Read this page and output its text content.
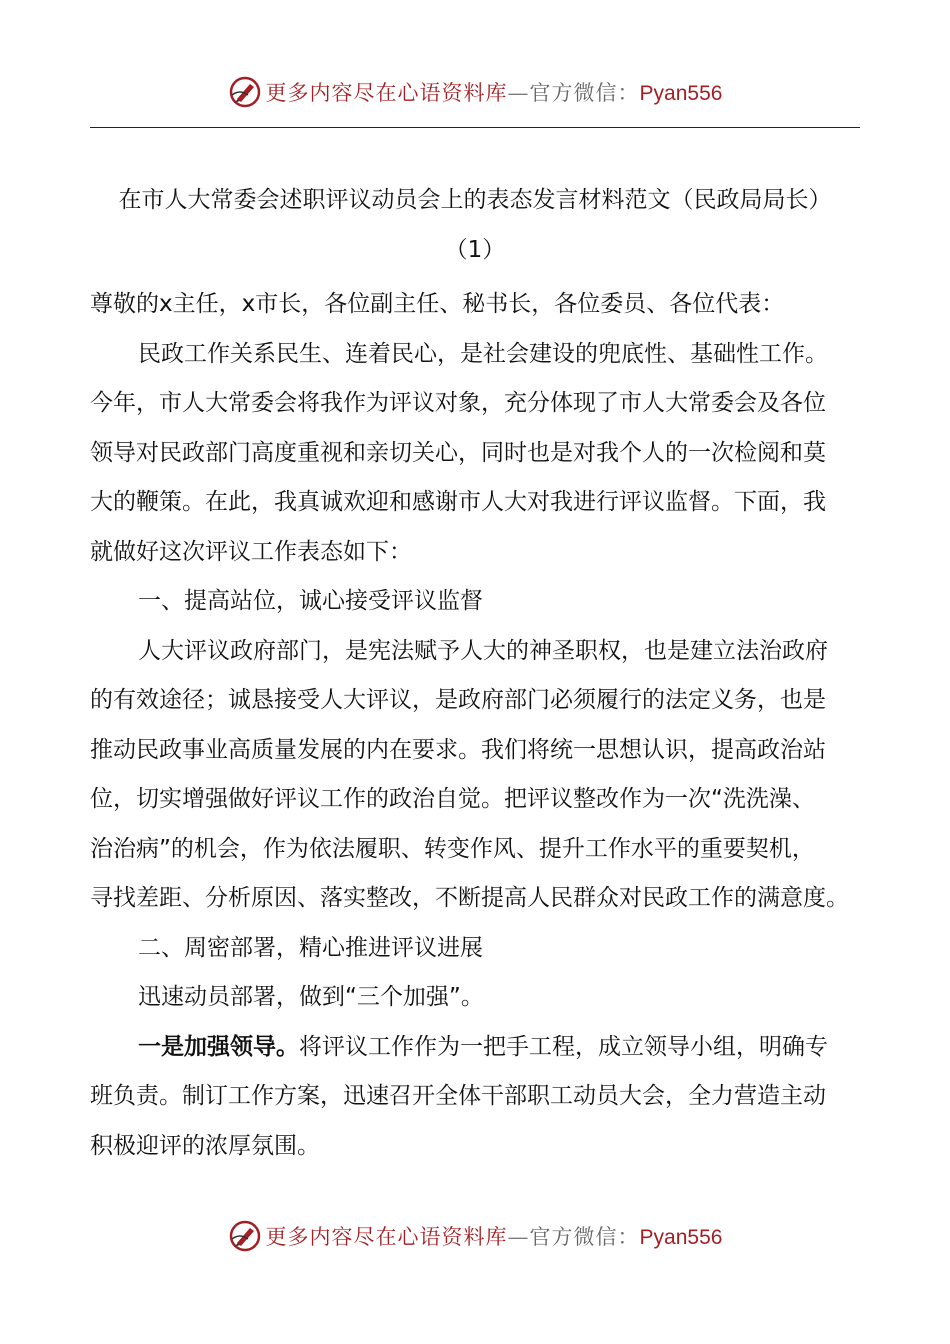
更多内容尽在心语资料库—官方微信：Pyan556
在市人大常委会述职评议动员会上的表态发言材料范文（民政局局长）
（1）
尊敬的x主任，x市长，各位副主任、秘书长，各位委员、各位代表：
民政工作关系民生、连着民心，是社会建设的兜底性、基础性工作。
今年，市人大常委会将我作为评议对象，充分体现了市人大常委会及各位
领导对民政部门高度重视和亲切关心，同时也是对我个人的一次检阅和莫
大的鞭策。在此，我真诚欢迎和感谢市人大对我进行评议监督。下面，我
就做好这次评议工作表态如下：
一、提高站位，诚心接受评议监督
人大评议政府部门，是宪法赋予人大的神圣职权，也是建立法治政府
的有效途径；诚恳接受人大评议，是政府部门必须履行的法定义务，也是
推动民政事业高质量发展的内在要求。我们将统一思想认识，提高政治站
位，切实增强做好评议工作的政治自觉。把评议整改作为一次“洗洗澡、
治治病”的机会，作为依法履职、转变作风、提升工作水平的重要契机，
寻找差距、分析原因、落实整改，不断提高人民群众对民政工作的满意度。
二、周密部署，精心推进评议进展
迅速动员部署，做到“三个加强”。
一是加强领导。将评议工作作为一把手工程，成立领导小组，明确专
班负责。制订工作方案，迅速召开全体干部职工动员大会，全力营造主动
积极迎评的浓厚氛围。
更多内容尽在心语资料库—官方微信：Pyan556
